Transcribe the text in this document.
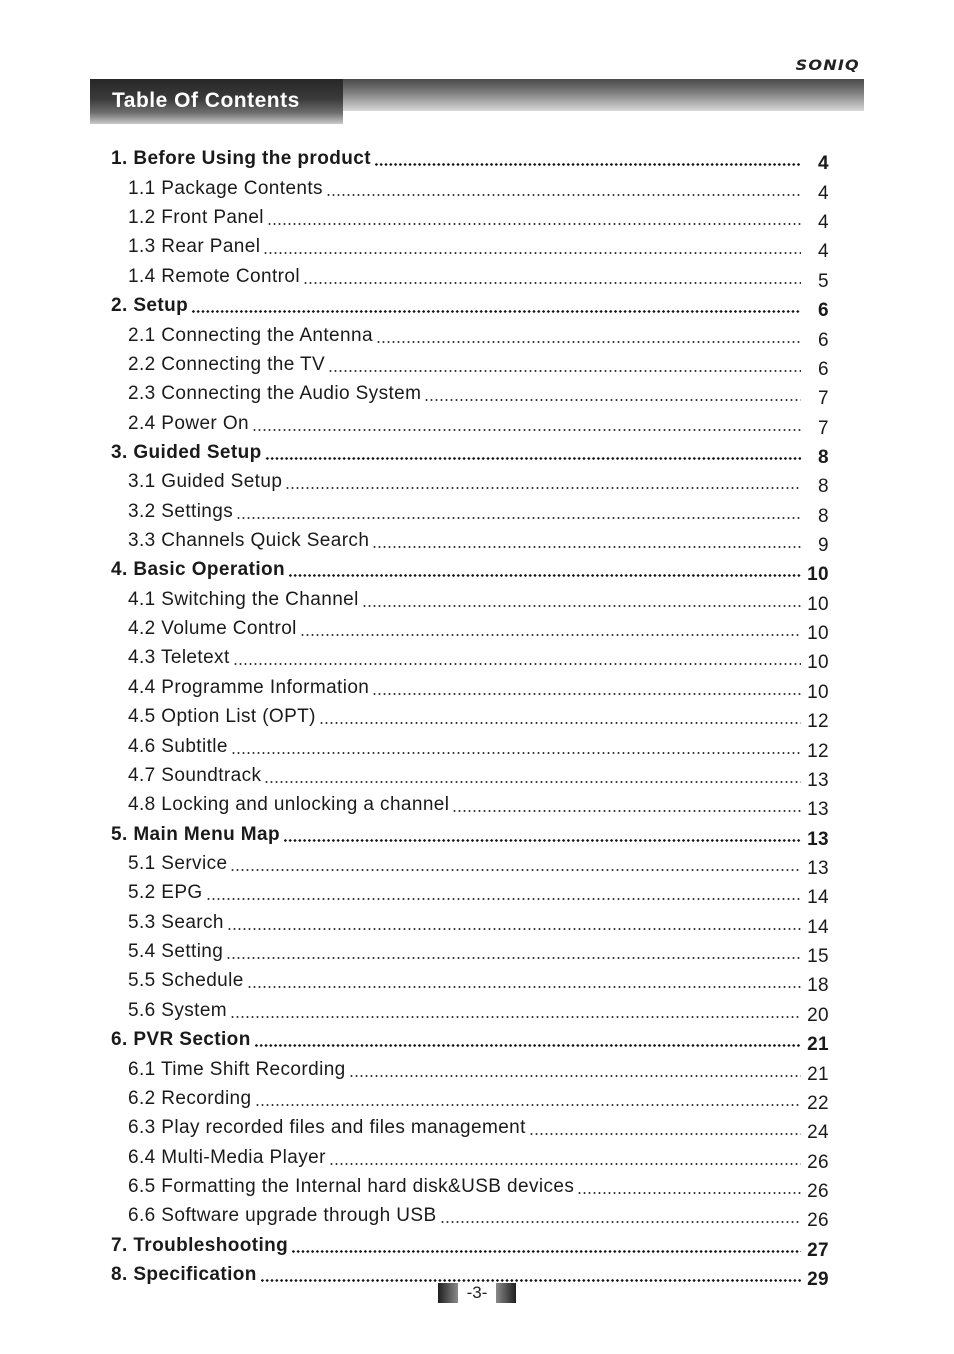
SONIQ
Table Of Contents
1. Before Using the product	4
1.1 Package Contents	4
1.2 Front Panel	4
1.3 Rear Panel	4
1.4 Remote Control	5
2. Setup	6
2.1 Connecting the Antenna	6
2.2 Connecting the TV	6
2.3 Connecting the Audio System	7
2.4 Power On	7
3. Guided Setup	8
3.1 Guided Setup	8
3.2 Settings	8
3.3 Channels Quick Search	9
4. Basic Operation	10
4.1 Switching the Channel	10
4.2 Volume Control	10
4.3 Teletext	10
4.4 Programme Information	10
4.5 Option List (OPT)	12
4.6 Subtitle	12
4.7 Soundtrack	13
4.8 Locking and unlocking a channel	13
5. Main Menu Map	13
5.1 Service	13
5.2 EPG	14
5.3 Search	14
5.4 Setting	15
5.5 Schedule	18
5.6 System	20
6. PVR Section	21
6.1 Time Shift Recording	21
6.2 Recording	22
6.3 Play recorded files and files management	24
6.4 Multi-Media Player	26
6.5 Formatting the Internal hard disk&USB devices	26
6.6 Software upgrade through USB	26
7. Troubleshooting	27
8. Specification	29
-3-
